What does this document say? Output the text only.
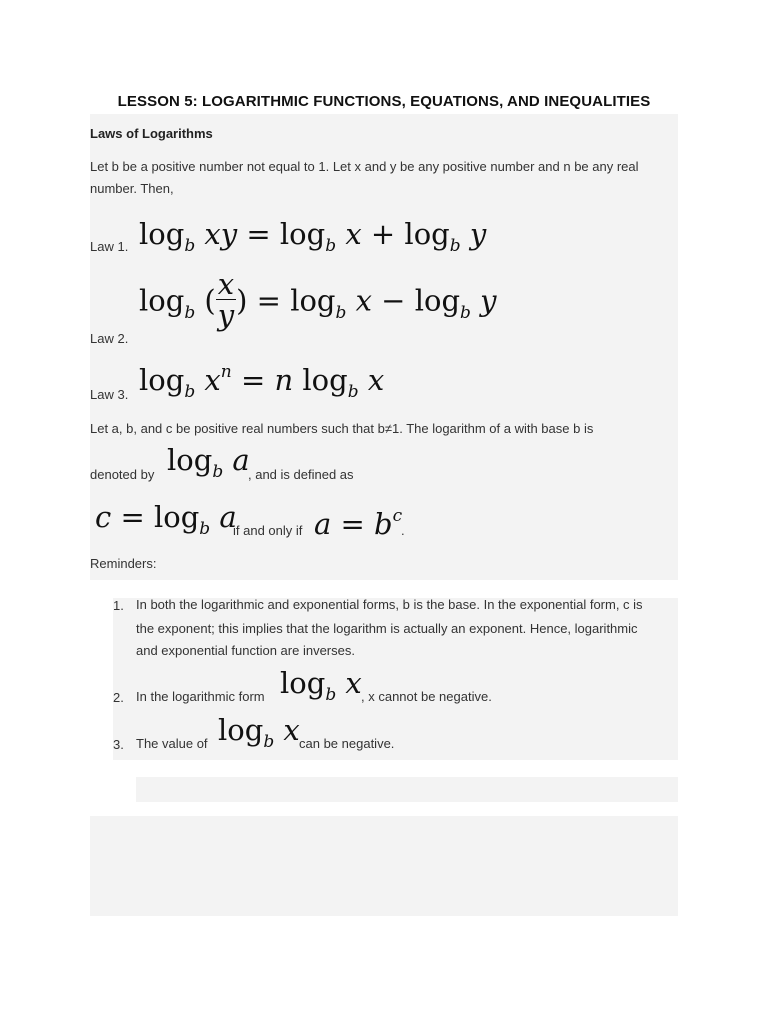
LESSON 5: LOGARITHMIC FUNCTIONS, EQUATIONS, AND INEQUALITIES
Laws of Logarithms
Let b be a positive number not equal to 1. Let x and y be any positive number and n be any real
number. Then,
Law 1. $\log_b$ xy = $\log_b x + \log_b y$
$\log_b$ ( $\frac{x}{y}$ ) = $\log_b x - \log_b y$
Law 2.
Law 3. $\log_b x^n = n$ $\log_b x$
Let a, b, and c be positive real numbers such that b≠1. The logarithm of a with base b is
denoted by $\log_b a$
, and is defined as
$c = \log_b a$
if and only if $a = b^c$
.
Reminders:
1. In both the logarithmic and exponential forms, b is the base. In the exponential form, c is
the exponent; this implies that the logarithm is actually an exponent. Hence, logarithmic
and exponential function are inverses.
2. In the logarithmic form $\log_b x$ , x cannot be negative.
3. The value of $\log_b x$ can be negative.
